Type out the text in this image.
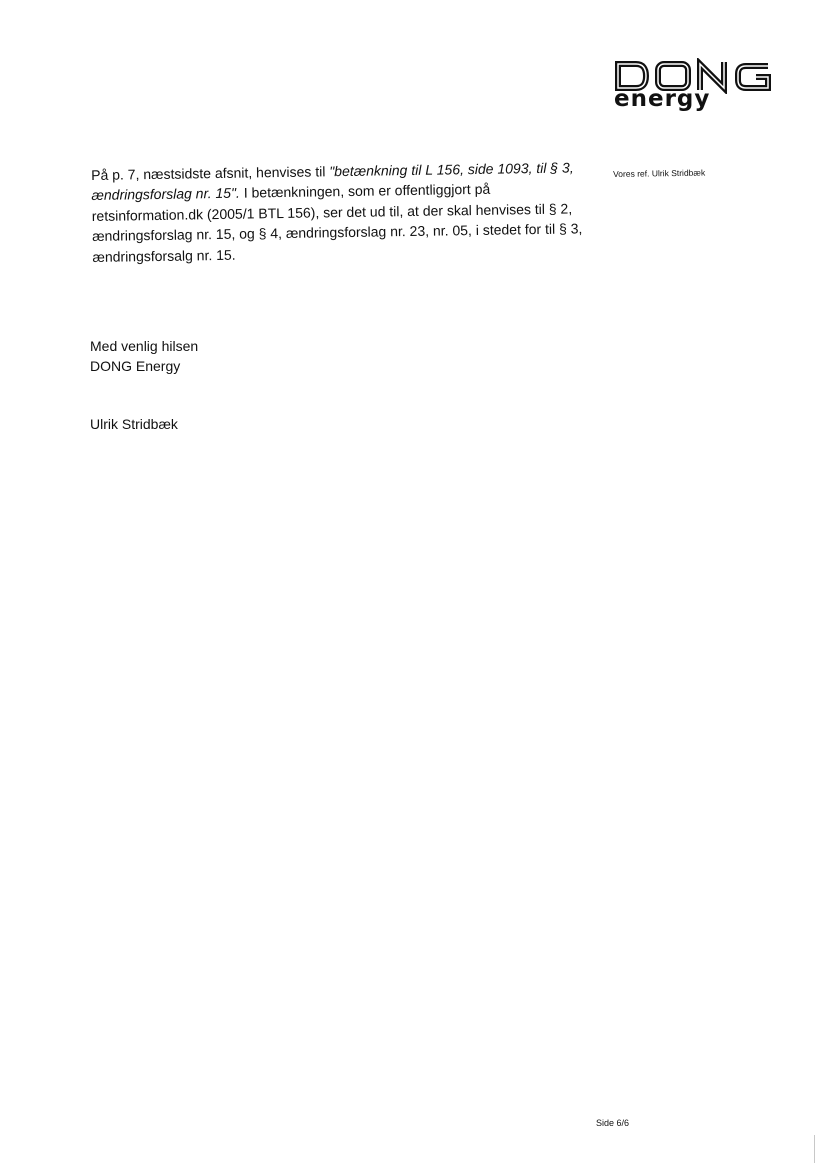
energy
Vores ref. Ulrik Stridbæk
På p. 7, næstsidste afsnit, henvises til "betænkning til L 156, side 1093, til § 3, ændringsforslag nr. 15". I betænkningen, som er offentliggjort på retsinformation.dk (2005/1 BTL 156), ser det ud til, at der skal henvises til § 2, ændringsforslag nr. 15, og § 4, ændringsforslag nr. 23, nr. 05, i stedet for til § 3, ændringsforsalg nr. 15.
Med venlig hilsen
DONG Energy
Ulrik Stridbæk
Side 6/6
